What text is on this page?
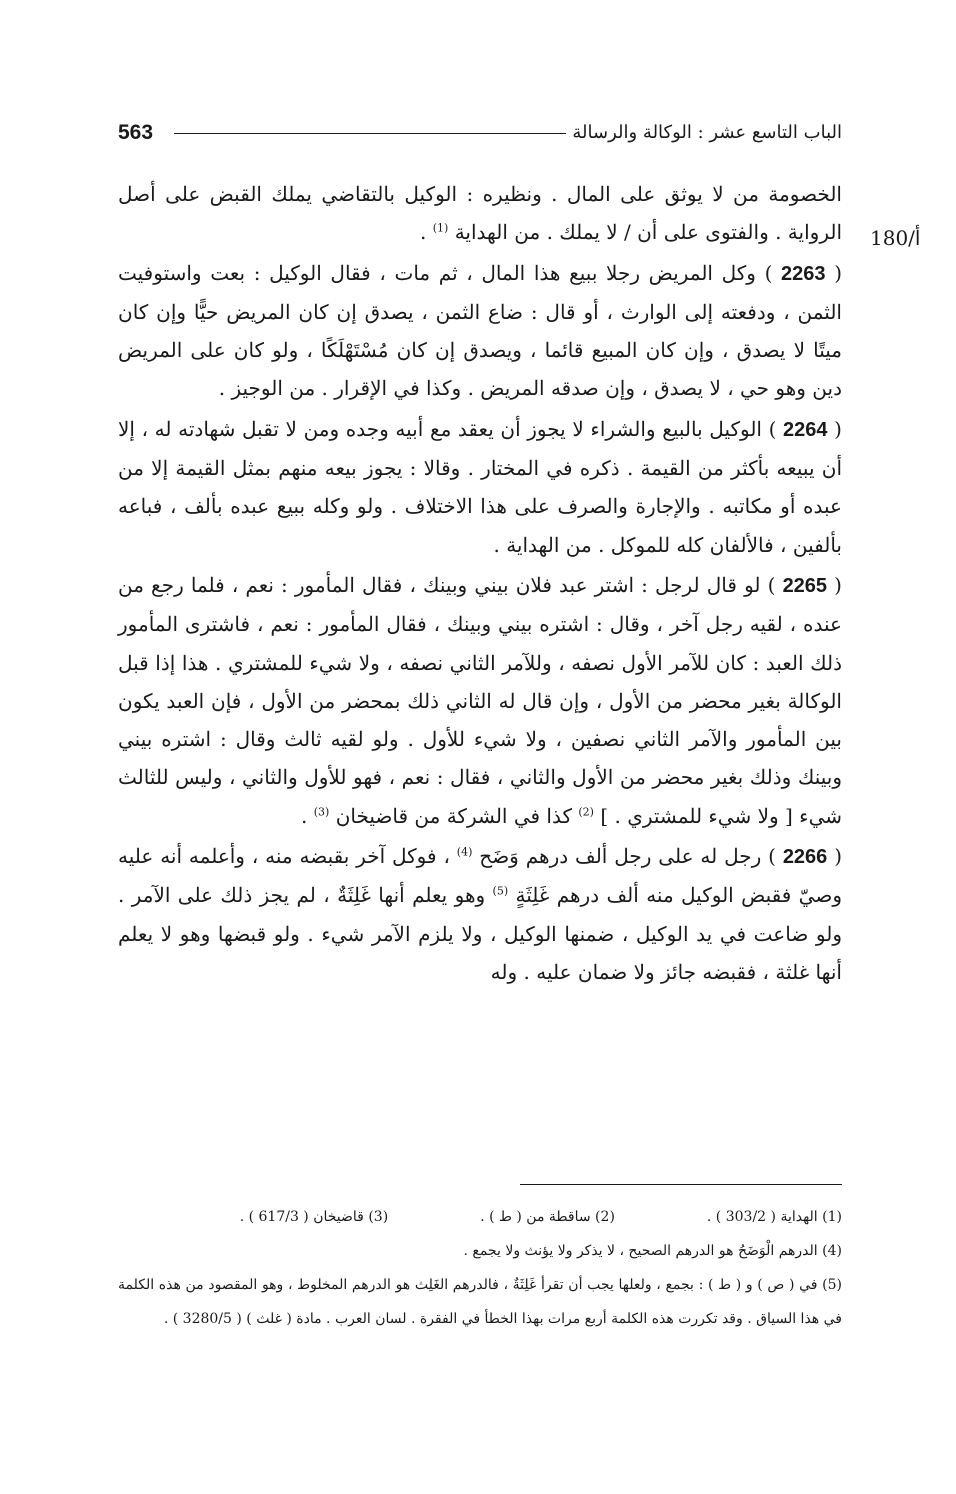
563	الباب التاسع عشر : الوكالة والرسالة
180/أ

الخصومة من لا يوثق على المال . ونظيره : الوكيل بالتقاضي يملك القبض على أصل الرواية . والفتوى على أن / لا يملك . من الهداية $^{(1)}$ .

( 2263 ) وكل المريض رجلا ببيع هذا المال ، ثم مات ، فقال الوكيل : بعت واستوفيت الثمن ، ودفعته إلى الوارث ، أو قال : ضاع الثمن ، يصدق إن كان المريض حيًّا وإن كان ميتًا لا يصدق ، وإن كان المبيع قائما ، ويصدق إن كان مُسْتَهْلَكًا ، ولو كان على المريض دين وهو حي ، لا يصدق ، وإن صدقه المريض . وكذا في الإقرار . من الوجيز .

( 2264 ) الوكيل بالبيع والشراء لا يجوز أن يعقد مع أبيه وجده ومن لا تقبل شهادته له ، إلا أن يبيعه بأكثر من القيمة . ذكره في المختار . وقالا : يجوز بيعه منهم بمثل القيمة إلا من عبده أو مكاتبه . والإجارة والصرف على هذا الاختلاف . ولو وكله ببيع عبده بألف ، فباعه بألفين ، فالألفان كله للموكل . من الهداية .

( 2265 ) لو قال لرجل : اشتر عبد فلان بيني وبينك ، فقال المأمور : نعم ، فلما رجع من عنده ، لقيه رجل آخر ، وقال : اشتره بيني وبينك ، فقال المأمور : نعم ، فاشترى المأمور ذلك العبد : كان للآمر الأول نصفه ، وللآمر الثاني نصفه ، ولا شيء للمشتري . هذا إذا قبل الوكالة بغير محضر من الأول ، وإن قال له الثاني ذلك بمحضر من الأول ، فإن العبد يكون بين المأمور والآمر الثاني نصفين ، ولا شيء للأول . ولو لقيه ثالث وقال : اشتره بيني وبينك وذلك بغير محضر من الأول والثاني ، فقال : نعم ، فهو للأول والثاني ، وليس للثالث شيء [ ولا شيء للمشتري . ] $^{(2)}$ كذا في الشركة من قاضيخان $^{(3)}$ .

( 2266 ) رجل له على رجل ألف درهم وَضَح $^{(4)}$ ، فوكل آخر بقبضه منه ، وأعلمه أنه عليه وصيّ فقبض الوكيل منه ألف درهم غَلِثَةٍ $^{(5)}$ وهو يعلم أنها غَلِثَةٌ ، لم يجز ذلك على الآمر . ولو ضاعت في يد الوكيل ، ضمنها الوكيل ، ولا يلزم الآمر شيء . ولو قبضها وهو لا يعلم أنها غلثة ، فقبضه جائز ولا ضمان عليه . وله

(1) الهداية ( 303/2 ) .
(2) ساقطة من ( ط ) .
(3) قاضيخان ( 617/3 ) .

(4) الدرهم الْوَضَحُ هو الدرهم الصحيح ، لا يذكر ولا يؤنث ولا يجمع .

(5) في ( ص ) و ( ط ) : بجمع ، ولعلها يجب أن تقرأ غَلِثَةٌ ، فالدرهم الغَلِث هو الدرهم المخلوط ، وهو المقصود من هذه الكلمة في هذا السياق . وقد تكررت هذه الكلمة أربع مرات بهذا الخطأ في الفقرة . لسان العرب . مادة ( غلث ) ( 3280/5 ) .
